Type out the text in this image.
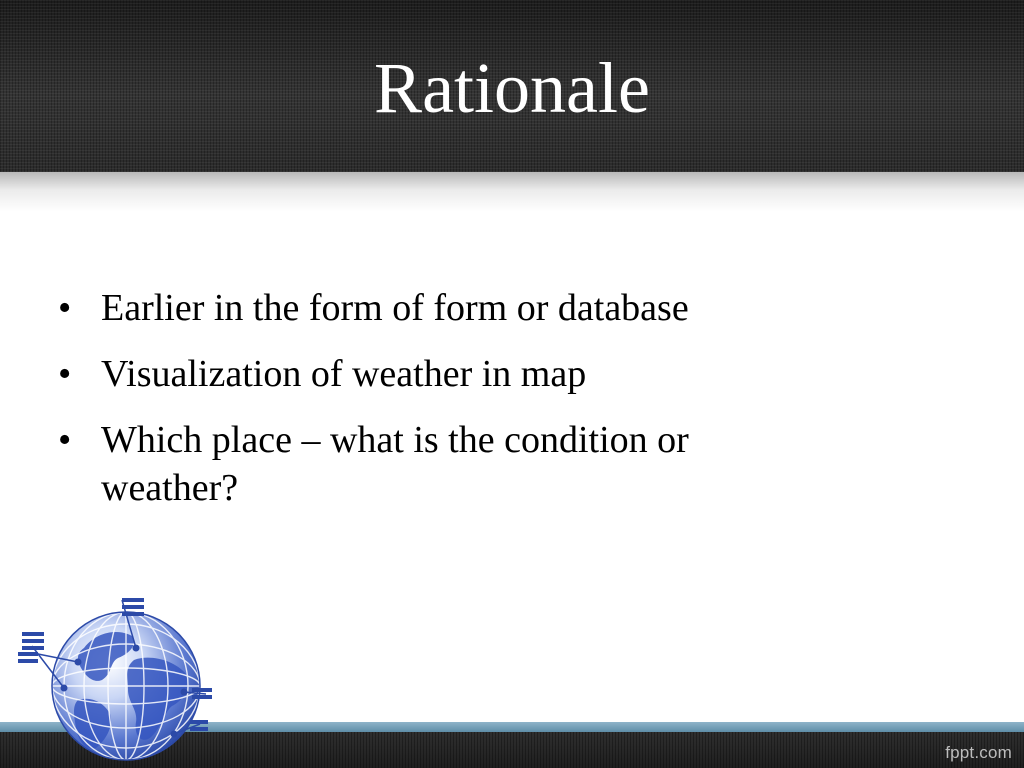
Rationale
• Earlier in the form of form or database
• Visualization of weather in map
• Which place – what is the condition or weather?
fppt.com
